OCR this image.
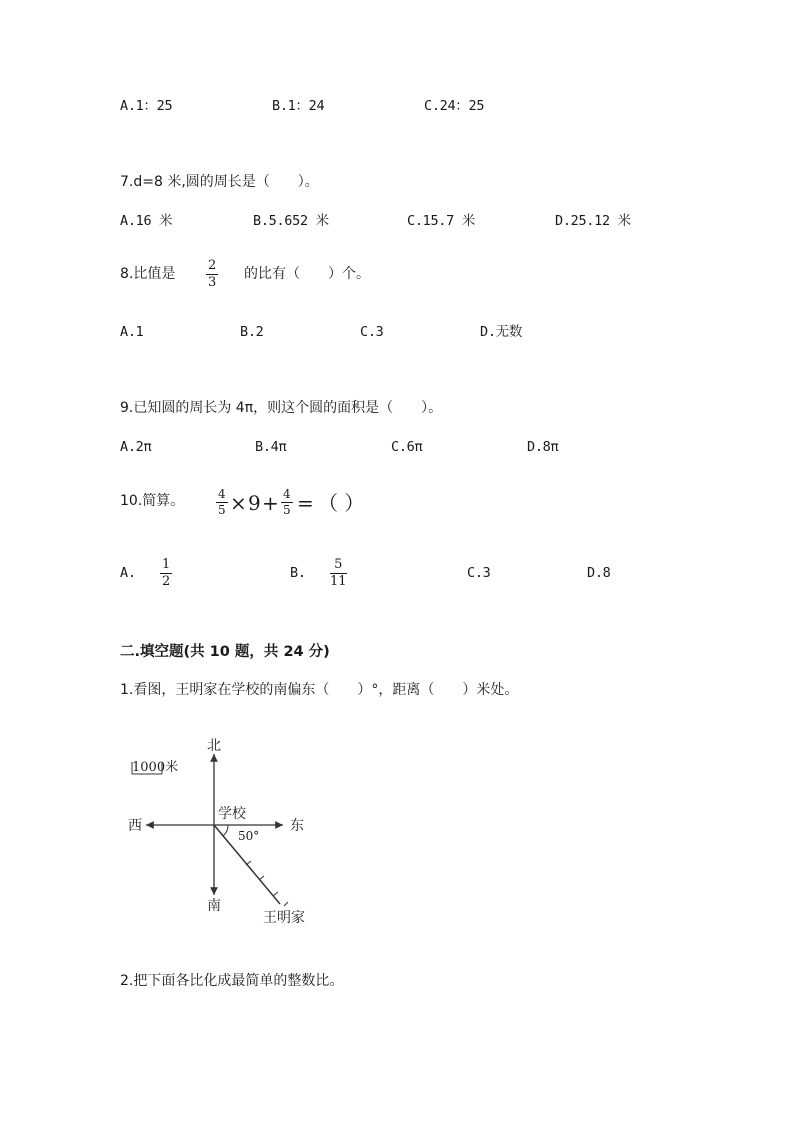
A.1：25	B.1：24	C.24：25
7.d=8 米,圆的周长是（　　）。
A.16 米	B.5.652 米	C.15.7 米	D.25.12 米
8.比值是
2
3
的比有（　　）个。
A.1	B.2	C.3	D.无数
9.已知圆的周长为 4π，则这个圆的面积是（　　）。
A.2π	B.4π	C.6π	D.8π
10.简算。	4
5 × 9 + 4
5 = （ ）
A.
1
2
B.
5
11
C.3	D.8
二.填空题(共 10 题，共 24 分)
1.看图，王明家在学校的南偏东（　　）°，距离（　　）米处。
1000米
北
南
东
西
学校
50°
王明家
2.把下面各比化成最简单的整数比。
